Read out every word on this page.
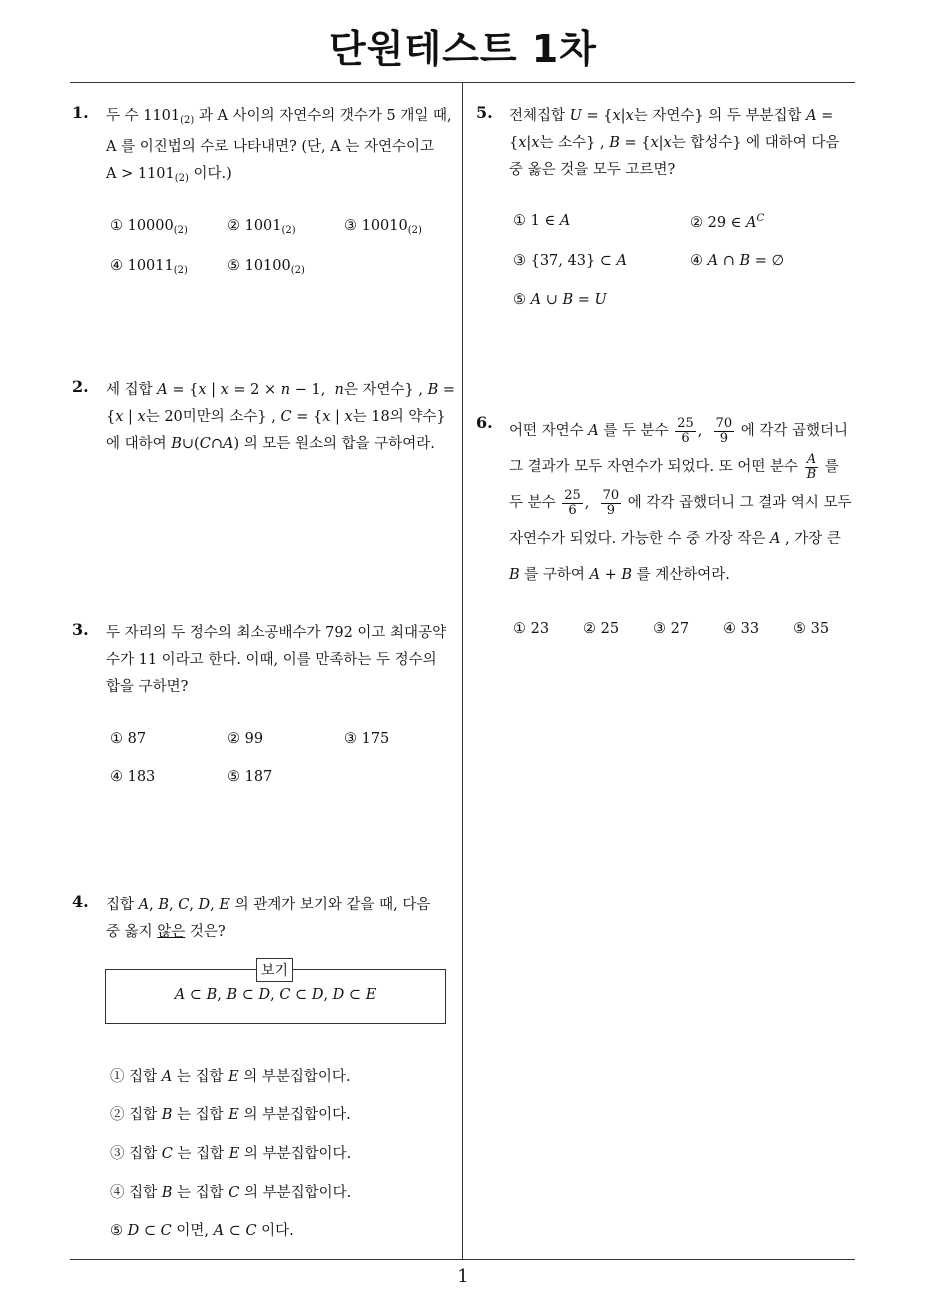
단원테스트 1차
1
1. 두 수 $1101_{(2)}$ 과 A 사이의 자연수의 갯수가 5 개일 때,
A 를 이진법의 수로 나타내면? (단, A 는 자연수이고
$A > 1101_{(2)}$ 이다.)
① $10000_{(2)}$	② $1001_{(2)}$	③ $10010_{(2)}$
④ $10011_{(2)}$	⑤ $10100_{(2)}$
2. 세 집합 A = {x | x = 2 × n − 1,  n은 자연수} , B =
{x | x는 20미만의 소수} , C = {x | x는 18의 약수}
에 대하여 B∪(C∩A) 의 모든 원소의 합을 구하여라.
3. 두 자리의 두 정수의 최소공배수가 792 이고 최대공약
수가 11 이라고 한다. 이때, 이를 만족하는 두 정수의
합을 구하면?
① 87	② 99	③ 175
④ 183	⑤ 187
4. 집합 A, B, C, D, E 의 관계가 보기와 같을 때, 다음
중 옳지 않은 것은?
A ⊂ B, B ⊂ D, C ⊂ D, D ⊂ E
보기
① 집합 A 는 집합 E 의 부분집합이다.
② 집합 B 는 집합 E 의 부분집합이다.
③ 집합 C 는 집합 E 의 부분집합이다.
④ 집합 B 는 집합 C 의 부분집합이다.
⑤ D ⊂ C 이면, A ⊂ C 이다.
5. 전체집합 U = {x|x는 자연수} 의 두 부분집합 A =
{x|x는 소수} , B = {x|x는 합성수} 에 대하여 다음
중 옳은 것을 모두 고르면?
① 1 ∈ A	② 29 ∈ $A^C$
③ {37, 43} ⊂ A	④ A ∩ B = ∅
⑤ A ∪ B = U
6. 어떤 자연수 A 를 두 분수 $\frac{25}{6}$ , $\frac{70}{9}$ 에 각각 곱했더니
그 결과가 모두 자연수가 되었다. 또 어떤 분수 $\frac{A}{B}$ 를
두 분수 $\frac{25}{6}$ , $\frac{70}{9}$ 에 각각 곱했더니 그 결과 역시 모두
자연수가 되었다. 가능한 수 중 가장 작은 A , 가장 큰
B 를 구하여 A + B 를 계산하여라.
① 23 ② 25 ③ 27 ④ 33 ⑤ 35
